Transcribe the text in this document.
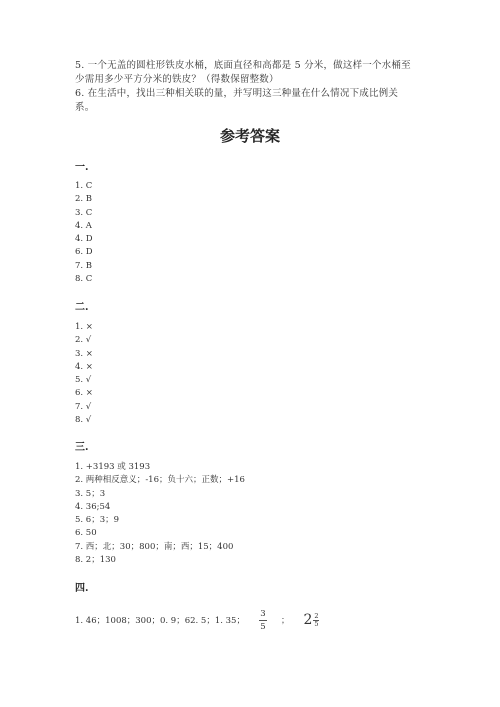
5. 一个无盖的圆柱形铁皮水桶，底面直径和高都是 5 分米，做这样一个水桶至
少需用多少平方分米的铁皮？（得数保留整数）
6. 在生活中，找出三种相关联的量，并写明这三种量在什么情况下成比例关
系。
参考答案
一.
1. C
2. B
3. C
4. A
4. D
6. D
7. B
8. C
二.
1. ×
2. √
3. ×
4. ×
5. √
6. ×
7. √
8. √
三.
1. +3193 或 3193
2. 两种相反意义；-16；负十六；正数；+16
3. 5；3
4. 36;54
5. 6；3；9
6. 50
7. 西；北；30；800；南；西；15；400
8. 2；130
四.
1. 46；1008；300；0. 9；62. 5；1. 35； $\frac{3}{5}$ ； $2 \frac{2}{5}$
